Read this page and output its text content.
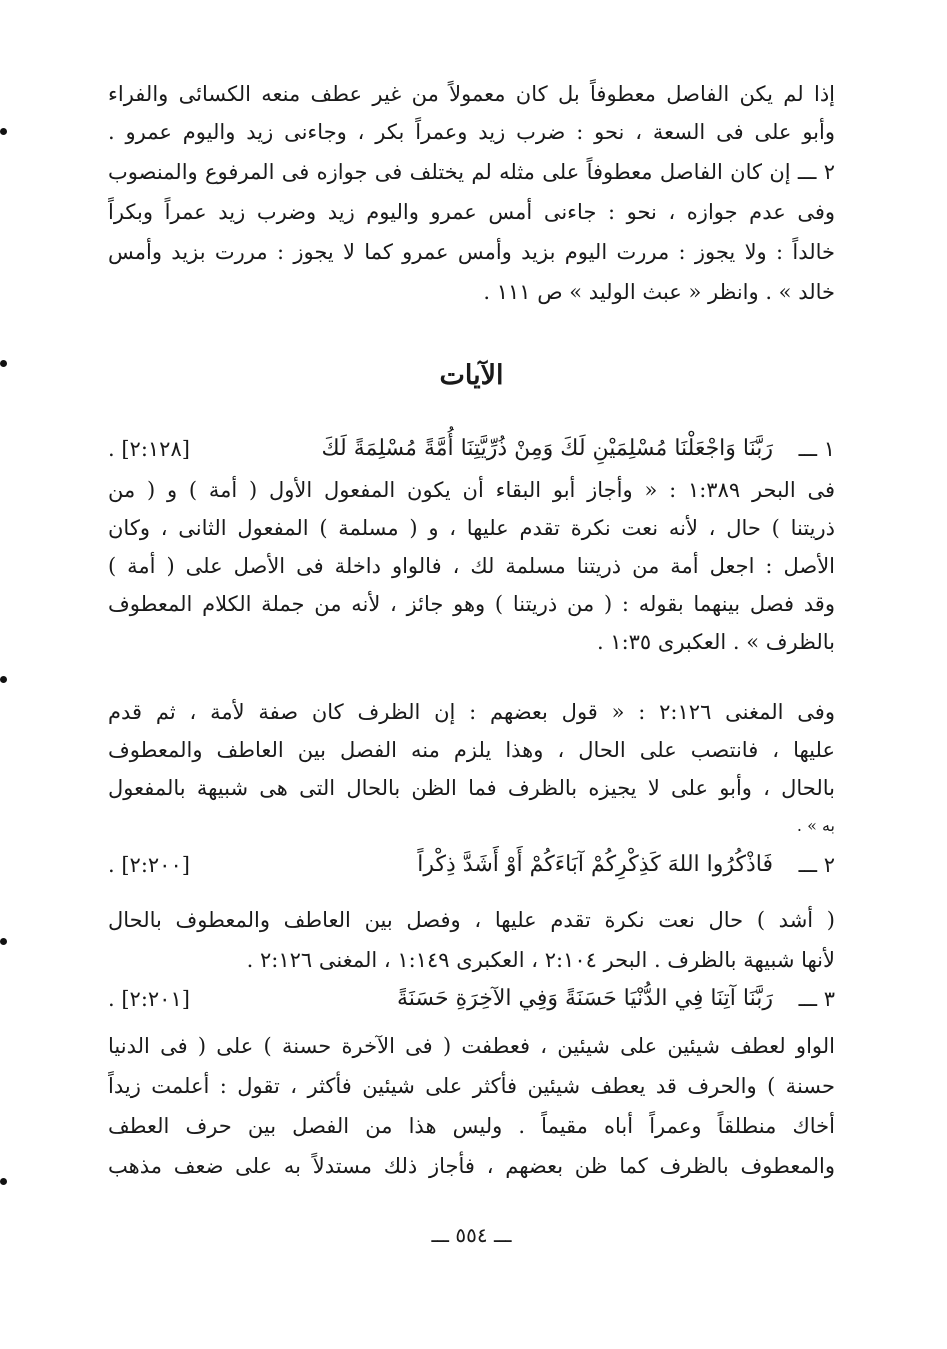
إذا لم يكن الفاصل معطوفاً بل كان معمولاً من غير عطف منعه الكسائى والفراء
وأبو على فى السعة ، نحو : ضرب زيد وعمراً بكر ، وجاءنى زيد واليوم عمرو .
٢ ـــ إن كان الفاصل معطوفاً على مثله لم يختلف فى جوازه فى المرفوع والمنصوب
وفى عدم جوازه ، نحو : جاءنى أمس عمرو واليوم زيد وضرب زيد عمراً وبكراً
خالداً : ولا يجوز : مررت اليوم بزيد وأمس عمرو كما لا يجوز : مررت بزيد وأمس
خالد » . وانظر « عبث الوليد » ص ١١١ .
الآيات
١ ـــ
رَبَّنَا وَاجْعَلْنَا مُسْلِمَيْنِ لَكَ وَمِنْ ذُرِّيَّتِنَا أُمَّةً مُسْلِمَةً لَكَ
[٢:١٢٨] .
فى البحر ١:٣٨٩ : « وأجاز أبو البقاء أن يكون المفعول الأول ( أمة ) و ( من
ذريتنا ) حال ، لأنه نعت نكرة تقدم عليها ، و ( مسلمة ) المفعول الثانى ، وكان
الأصل : اجعل أمة من ذريتنا مسلمة لك ، فالواو داخلة فى الأصل على ( أمة )
وقد فصل بينهما بقوله : ( من ذريتنا ) وهو جائز ، لأنه من جملة الكلام المعطوف
بالظرف » . العكبرى ١:٣٥ .
وفى المغنى ٢:١٢٦ : « قول بعضهم : إن الظرف كان صفة لأمة ، ثم قدم
عليها ، فانتصب على الحال ، وهذا يلزم منه الفصل بين العاطف والمعطوف
بالحال ، وأبو على لا يجيزه بالظرف فما الظن بالحال التى هى شبيهة بالمفعول
به » .
٢ ـــ
فَاذْكُرُوا اللهَ كَذِكْرِكُمْ آبَاءَكُمْ أَوْ أَشَدَّ ذِكْراً
[٢:٢٠٠] .
( أشد ) حال نعت نكرة تقدم عليها ، وفصل بين العاطف والمعطوف بالحال
لأنها شبيهة بالظرف . البحر ٢:١٠٤ ، العكبرى ١:١٤٩ ، المغنى ٢:١٢٦ .
٣ ـــ
رَبَّنَا آتِنَا فِي الدُّنْيَا حَسَنَةً وَفِي الآخِرَةِ حَسَنَةً
[٢:٢٠١] .
الواو لعطف شيئين على شيئين ، فعطفت ( فى الآخرة حسنة ) على ( فى الدنيا
حسنة ) والحرف قد يعطف شيئين فأكثر على شيئين فأكثر ، تقول : أعلمت زيداً
أخاك منطلقاً وعمراً أباه مقيماً . وليس هذا من الفصل بين حرف العطف
والمعطوف بالظرف كما ظن بعضهم ، فأجاز ذلك مستدلاً به على ضعف مذهب
ـــ ٥٥٤ ـــ
